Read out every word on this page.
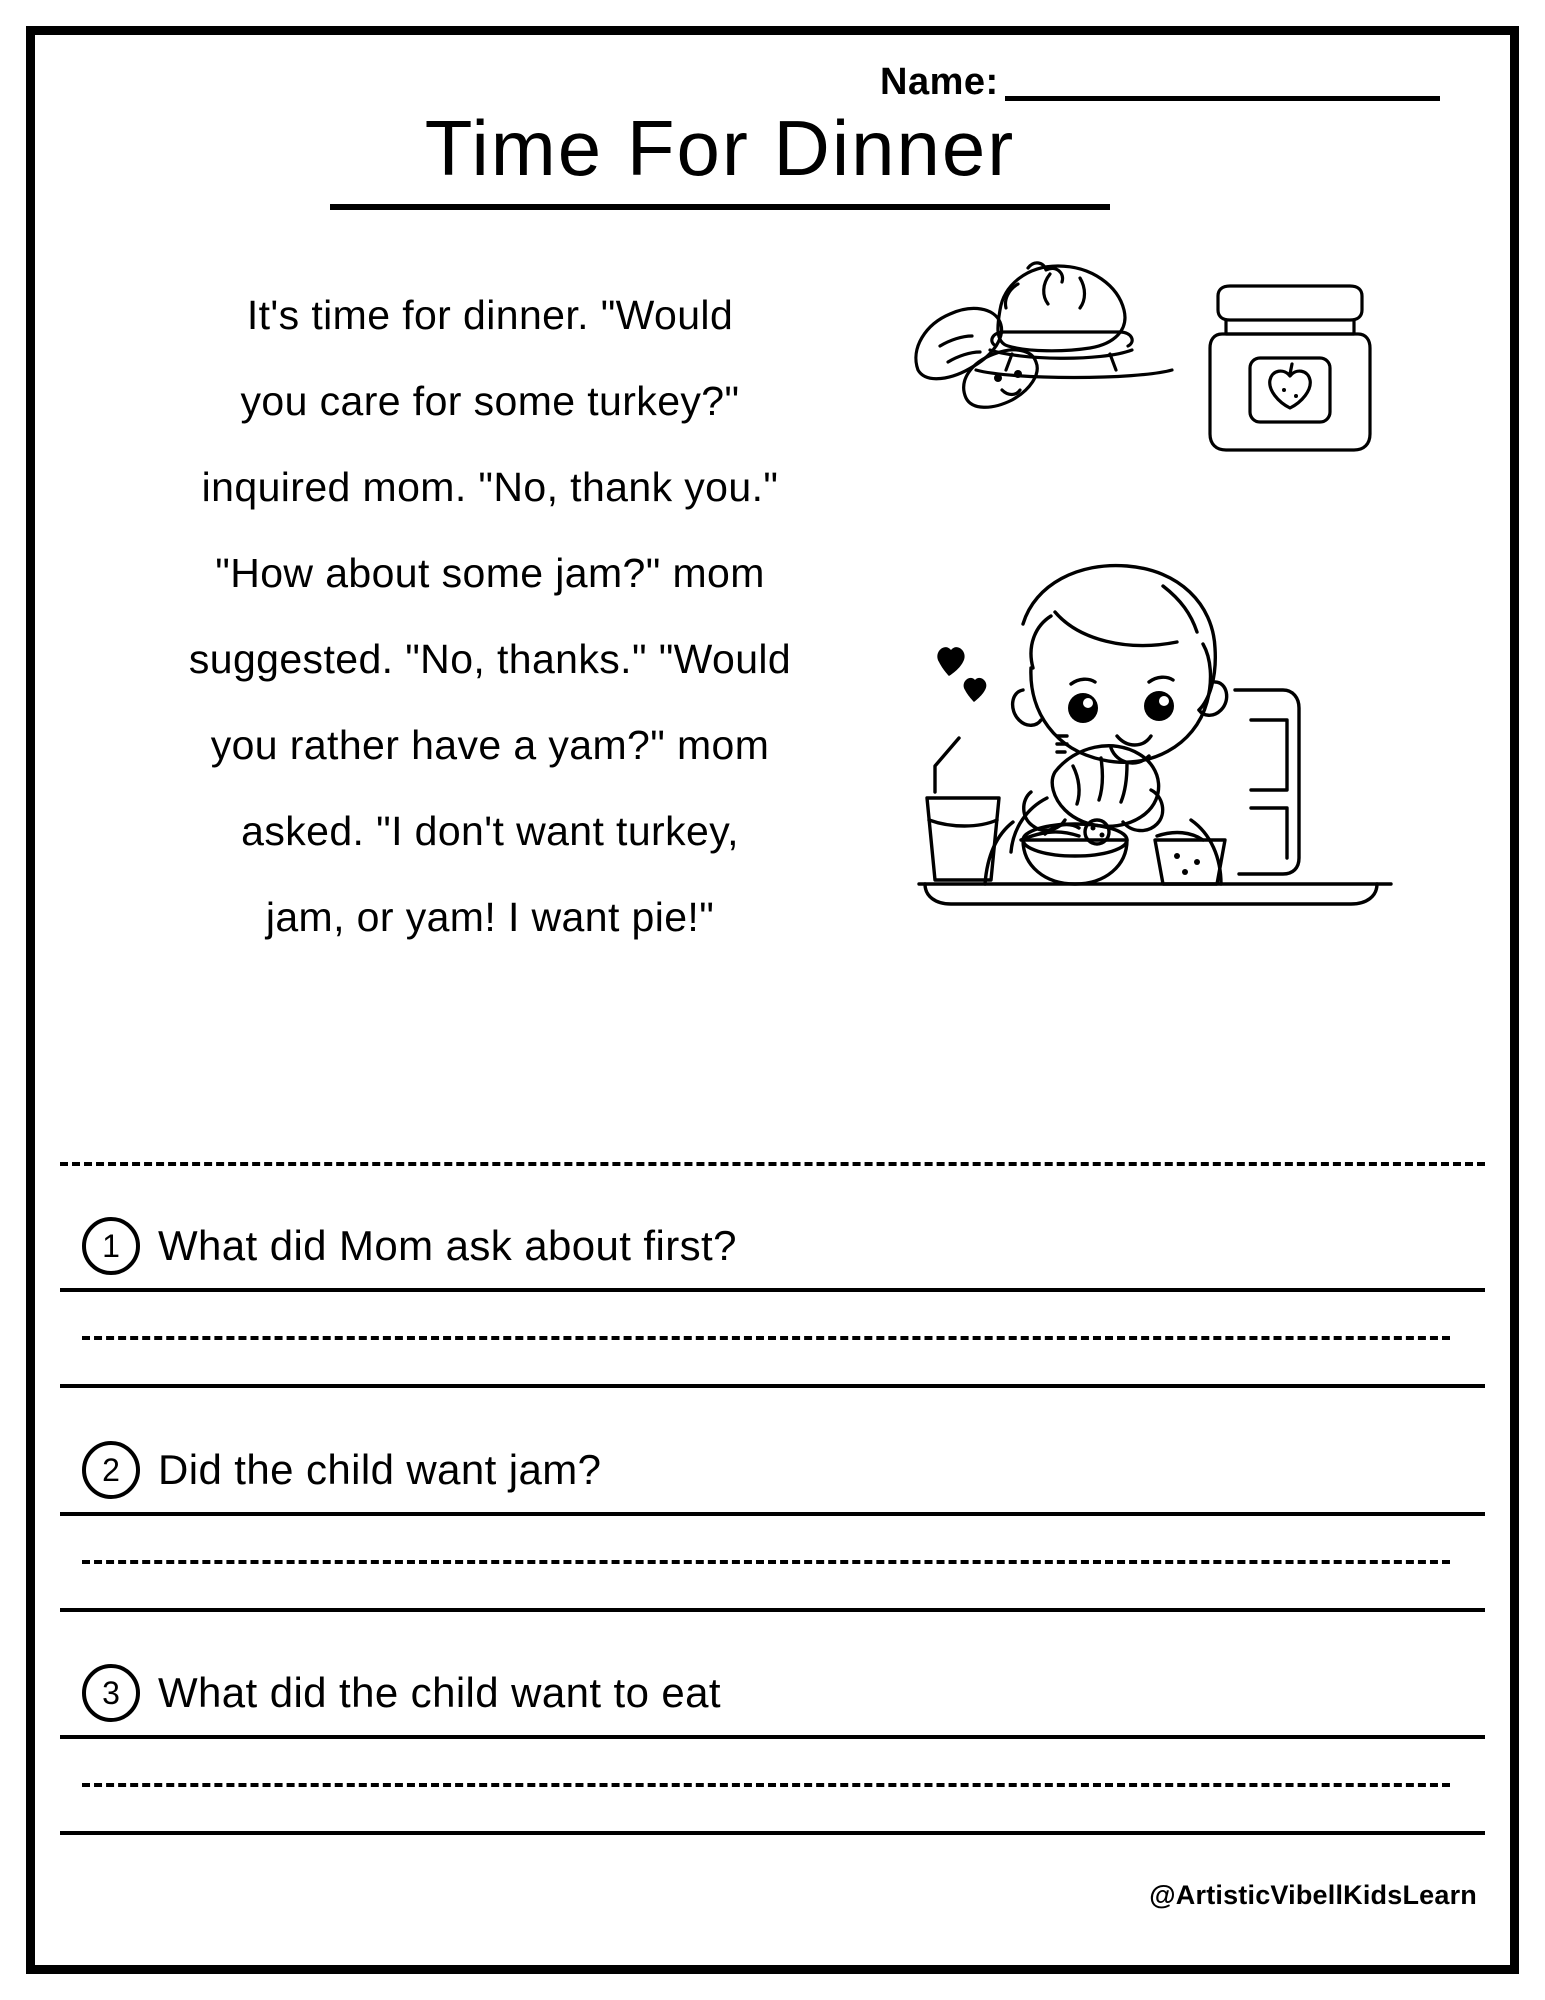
Name:
Time For Dinner
It's time for dinner. "Would
you care for some turkey?"
inquired mom. "No, thank you."
"How about some jam?" mom
suggested. "No, thanks." "Would
you rather have a yam?" mom
asked. "I don't want turkey,
jam, or yam! I want pie!"
1 What did Mom ask about first?
2 Did the child want jam?
3 What did the child want to eat
@ArtisticVibellKidsLearn
